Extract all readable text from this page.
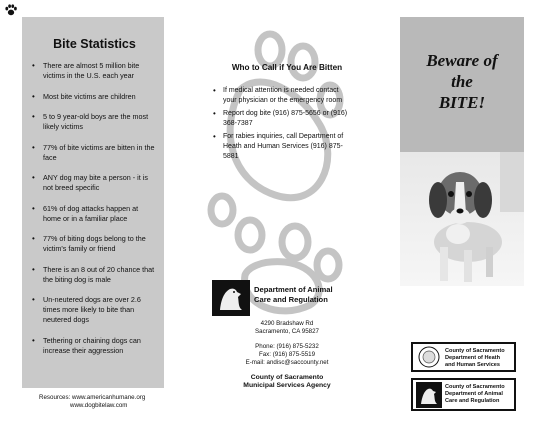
Bite Statistics
• There are almost 5 million bite victims in the U.S. each year
• Most bite victims are children
• 5 to 9 year-old boys are the most likely victims
• 77% of bite victims are bitten in the face
• ANY dog may bite a person - it is not breed specific
• 61% of dog attacks happen at home or in a familiar place
• 77% of biting dogs belong to the victim's family or friend
• There is an 8 out of 20 chance that the biting dog is male
• Un-neutered dogs are over 2.6 times more likely to bite than neutered dogs
• Tethering or chaining dogs can increase their aggression
Resources: www.americanhumane.org
www.dogbitelaw.com
Who to Call if You Are Bitten
• If medical attention is needed contact your physician or the emergency room
• Report dog bite (916) 875-5656 or (916) 368-7387
• For rabies inquiries, call Department of Heath and Human Services (916) 875-5881
Department of Animal
Care and Regulation
4290 Bradshaw Rd
Sacramento, CA 95827
Phone: (916) 875-5232
Fax: (916) 875-5519
E-mail: andisc@saccounty.net
County of Sacramento
Municipal Services Agency
Beware of
the
BITE!
County of Sacramento
Department of Heath
and Human Services
County of Sacramento
Department of Animal
Care and Regulation
